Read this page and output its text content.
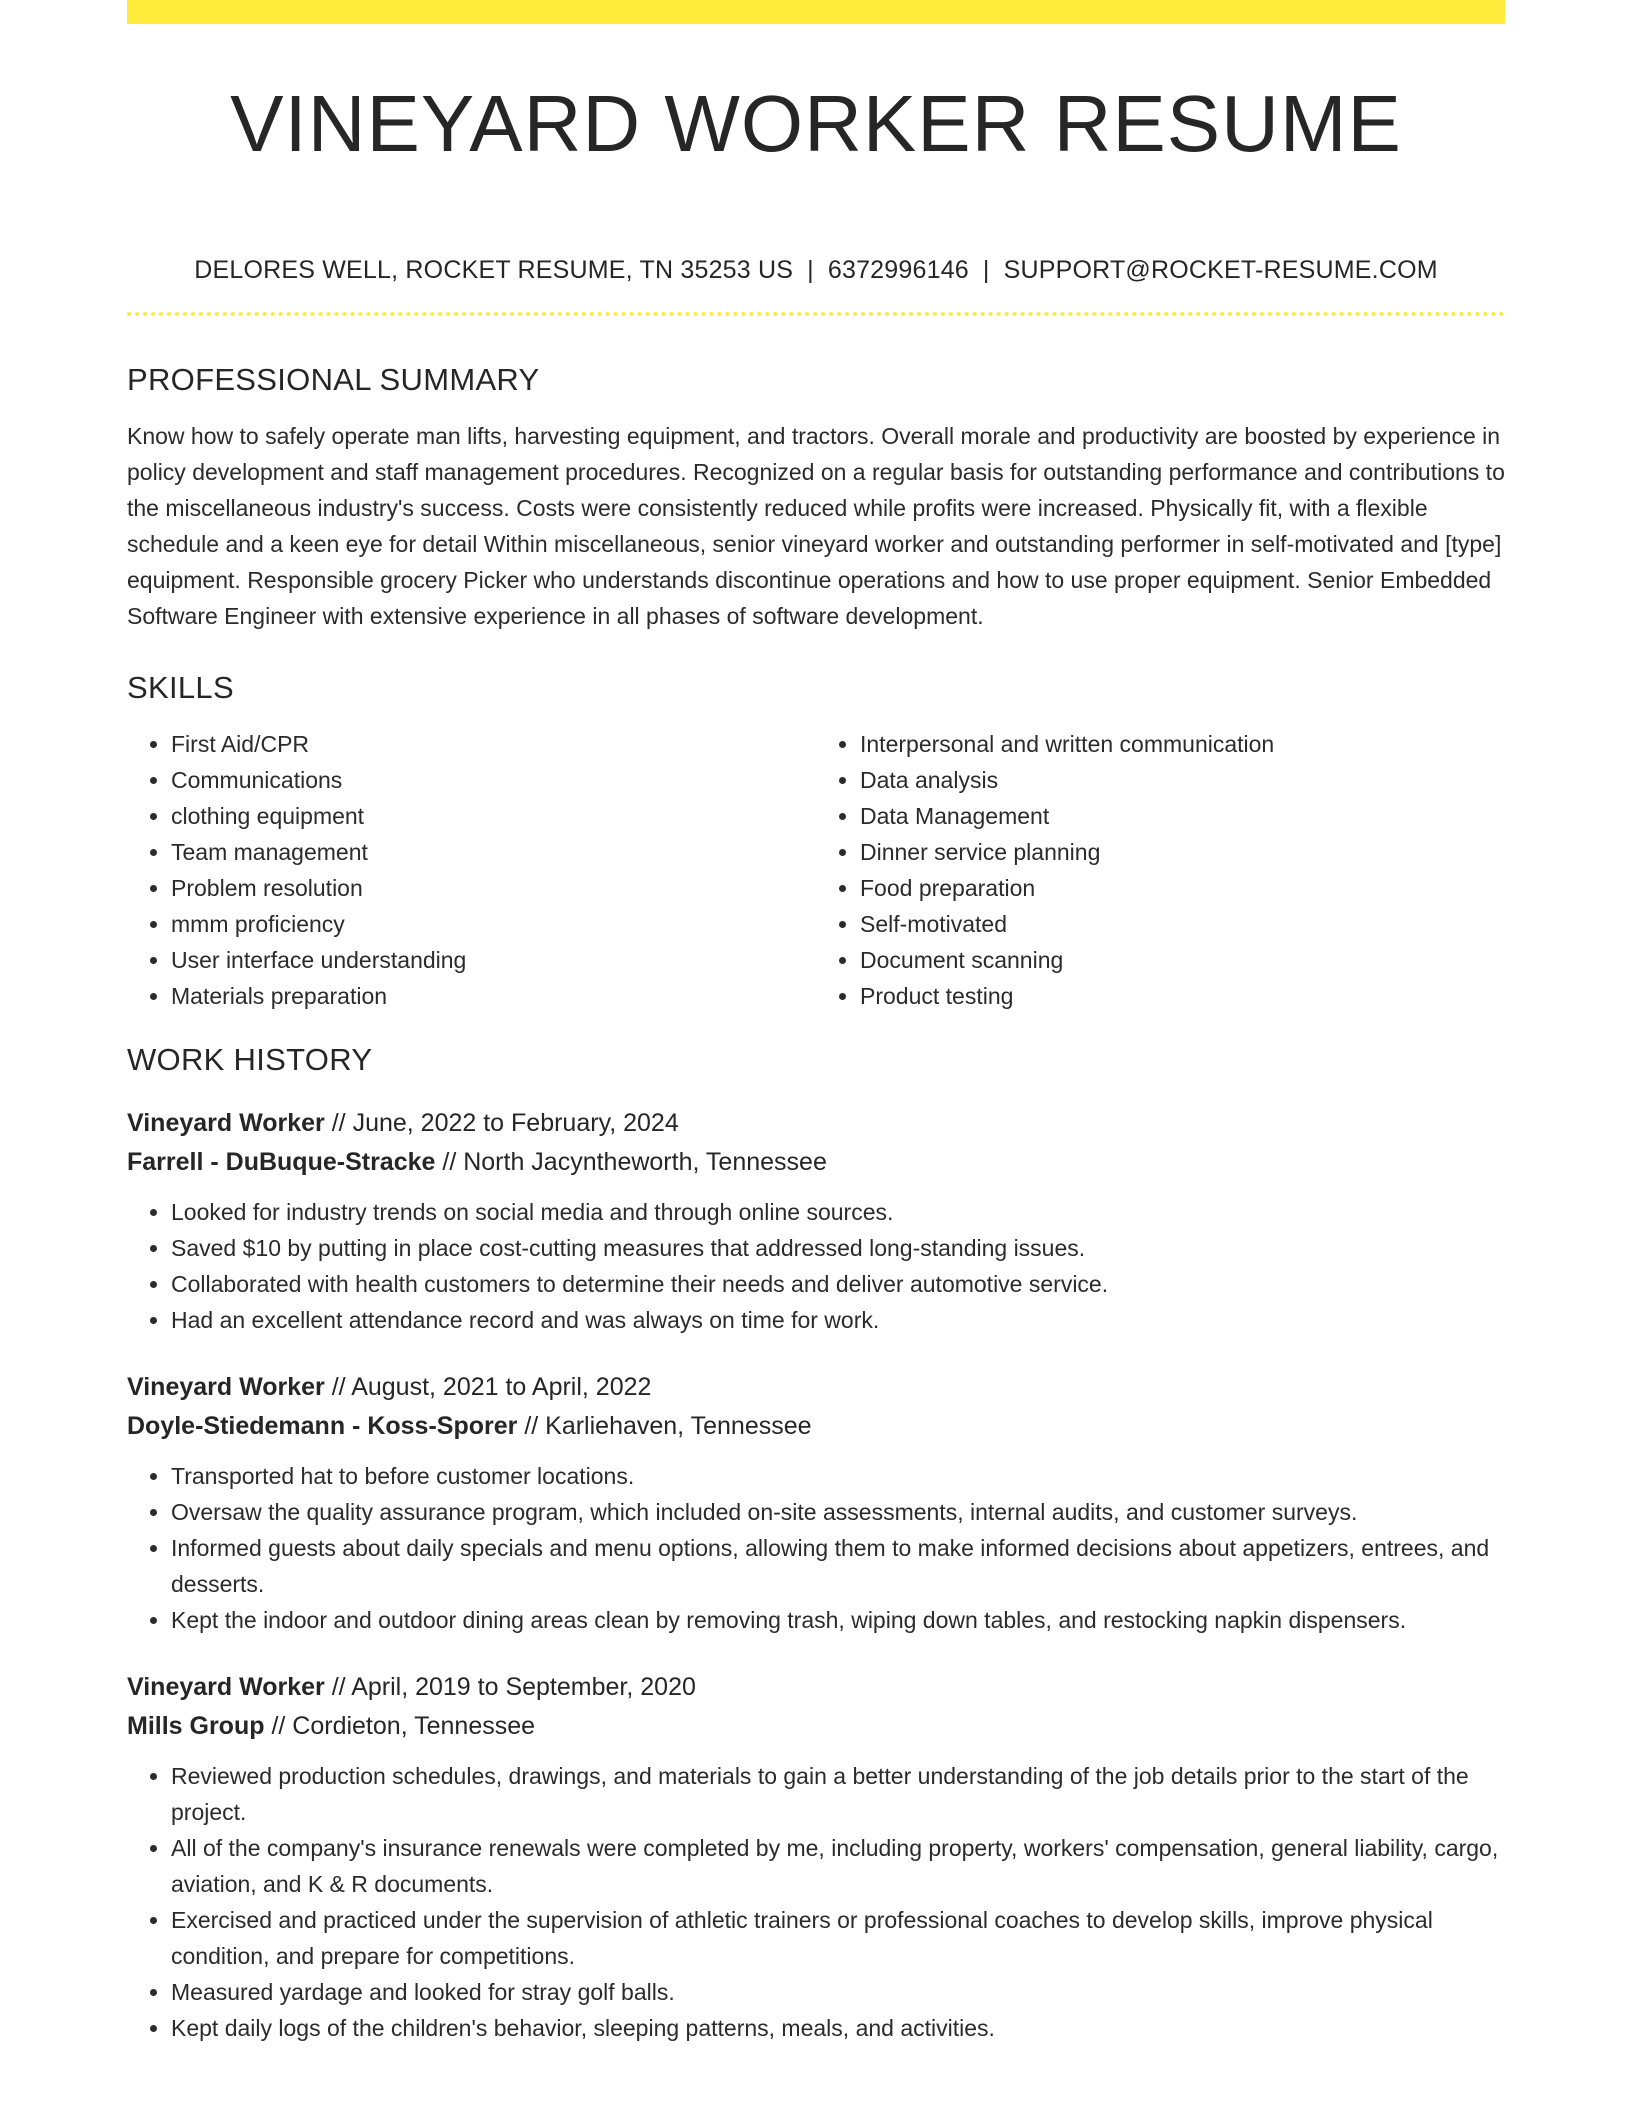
VINEYARD WORKER RESUME
DELORES WELL, ROCKET RESUME, TN 35253 US | 6372996146 | SUPPORT@ROCKET-RESUME.COM
PROFESSIONAL SUMMARY

Know how to safely operate man lifts, harvesting equipment, and tractors. Overall morale and productivity are boosted by experience in policy development and staff management procedures. Recognized on a regular basis for outstanding performance and contributions to the miscellaneous industry's success. Costs were consistently reduced while profits were increased. Physically fit, with a flexible schedule and a keen eye for detail Within miscellaneous, senior vineyard worker and outstanding performer in self-motivated and [type] equipment. Responsible grocery Picker who understands discontinue operations and how to use proper equipment. Senior Embedded Software Engineer with extensive experience in all phases of software development.

SKILLS
• First Aid/CPR
• Communications
• clothing equipment
• Team management
• Problem resolution
• mmm proficiency
• User interface understanding
• Materials preparation
• Interpersonal and written communication
• Data analysis
• Data Management
• Dinner service planning
• Food preparation
• Self-motivated
• Document scanning
• Product testing
WORK HISTORY
Vineyard Worker // June, 2022 to February, 2024
Farrell - DuBuque-Stracke // North Jacyntheworth, Tennessee
• Looked for industry trends on social media and through online sources.
• Saved $10 by putting in place cost-cutting measures that addressed long-standing issues.
• Collaborated with health customers to determine their needs and deliver automotive service.
• Had an excellent attendance record and was always on time for work.
Vineyard Worker // August, 2021 to April, 2022
Doyle-Stiedemann - Koss-Sporer // Karliehaven, Tennessee
• Transported hat to before customer locations.
• Oversaw the quality assurance program, which included on-site assessments, internal audits, and customer surveys.
• Informed guests about daily specials and menu options, allowing them to make informed decisions about appetizers, entrees, and desserts.
• Kept the indoor and outdoor dining areas clean by removing trash, wiping down tables, and restocking napkin dispensers.
Vineyard Worker // April, 2019 to September, 2020
Mills Group // Cordieton, Tennessee
• Reviewed production schedules, drawings, and materials to gain a better understanding of the job details prior to the start of the project.
• All of the company's insurance renewals were completed by me, including property, workers' compensation, general liability, cargo, aviation, and K & R documents.
• Exercised and practiced under the supervision of athletic trainers or professional coaches to develop skills, improve physical condition, and prepare for competitions.
• Measured yardage and looked for stray golf balls.
• Kept daily logs of the children's behavior, sleeping patterns, meals, and activities.
